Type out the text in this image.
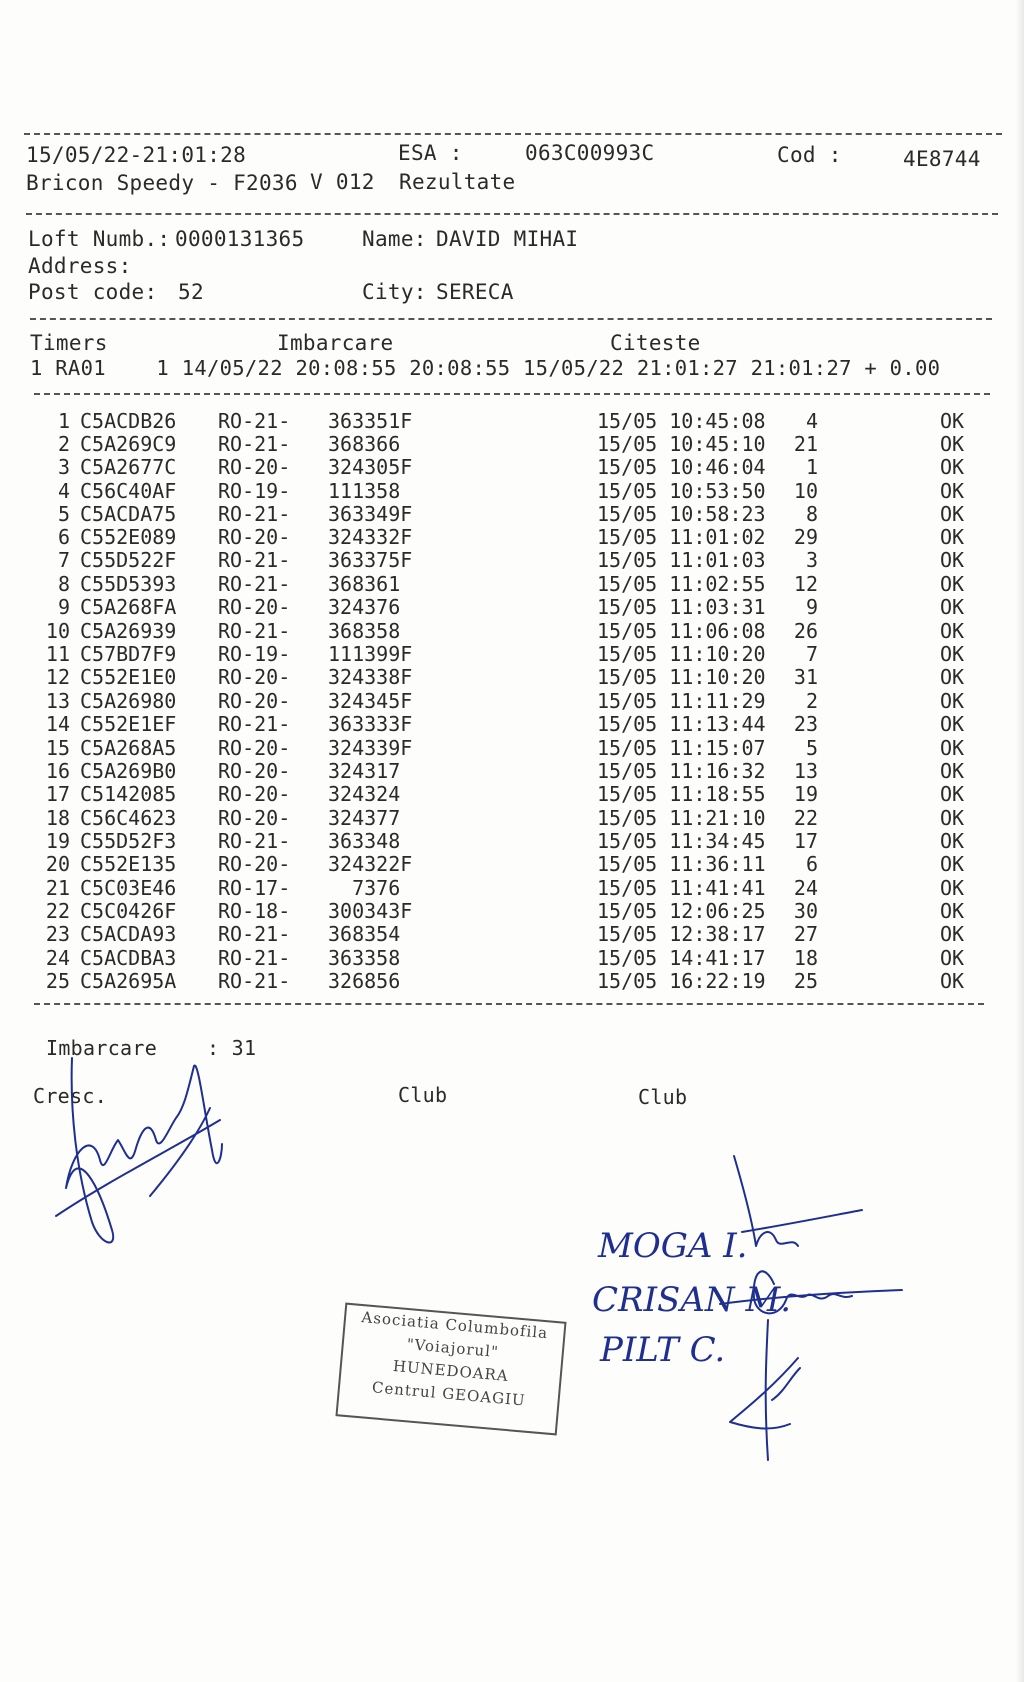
15/05/22-21:01:28	ESA :	063C00993C	Cod :	4E8744
Bricon Speedy - F2036 V 012 Rezultate
Loft Numb.: 0000131365	Name: DAVID MIHAI
Address:
Post code: 52	City: SERECA
Timers	Imbarcare	Citeste
1 RA01    1 14/05/22 20:08:55 20:08:55 15/05/22 21:01:27 21:01:27 + 0.00
1 C5ACDB26 RO-21- 363351F	15/05 10:45:08	4	OK
2 C5A269C9 RO-21- 368366	15/05 10:45:10	21	OK
3 C5A2677C RO-20- 324305F	15/05 10:46:04	1	OK
4 C56C40AF RO-19- 111358	15/05 10:53:50	10	OK
5 C5ACDA75 RO-21- 363349F	15/05 10:58:23	8	OK
6 C552E089 RO-20- 324332F	15/05 11:01:02	29	OK
7 C55D522F RO-21- 363375F	15/05 11:01:03	3	OK
8 C55D5393 RO-21- 368361	15/05 11:02:55	12	OK
9 C5A268FA RO-20- 324376	15/05 11:03:31	9	OK
10 C5A26939 RO-21- 368358	15/05 11:06:08	26	OK
11 C57BD7F9 RO-19- 111399F	15/05 11:10:20	7	OK
12 C552E1E0 RO-20- 324338F	15/05 11:10:20	31	OK
13 C5A26980 RO-20- 324345F	15/05 11:11:29	2	OK
14 C552E1EF RO-21- 363333F	15/05 11:13:44	23	OK
15 C5A268A5 RO-20- 324339F	15/05 11:15:07	5	OK
16 C5A269B0 RO-20- 324317	15/05 11:16:32	13	OK
17 C5142085 RO-20- 324324	15/05 11:18:55	19	OK
18 C56C4623 RO-20- 324377	15/05 11:21:10	22	OK
19 C55D52F3 RO-21- 363348	15/05 11:34:45	17	OK
20 C552E135 RO-20- 324322F	15/05 11:36:11	6	OK
21 C5C03E46 RO-17- 7376	15/05 11:41:41	24	OK
22 C5C0426F RO-18- 300343F	15/05 12:06:25	30	OK
23 C5ACDA93 RO-21- 368354	15/05 12:38:17	27	OK
24 C5ACDBA3 RO-21- 363358	15/05 14:41:17	18	OK
25 C5A2695A RO-21- 326856	15/05 16:22:19	25	OK
Imbarcare : 31
Cresc.	Club	Club
Asociatia Columbofila
"Voiajorul"
HUNEDOARA
Centrul GEOAGIU
MOGA I.
CRISAN M.
PILT C.
